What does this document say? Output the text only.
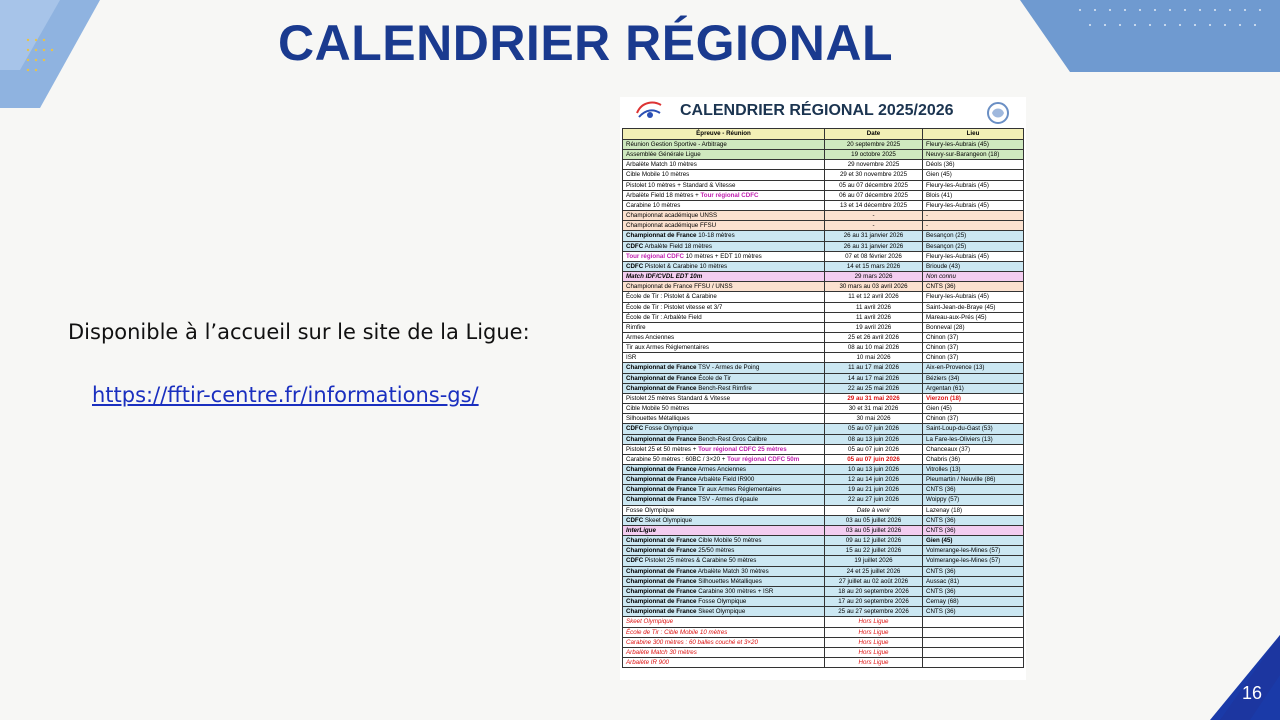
CALENDRIER RÉGIONAL
Disponible à l’accueil sur le site de la Ligue:
https://fftir-centre.fr/informations-gs/
16
CALENDRIER RÉGIONAL 2025/2026
Épreuve - Réunion	Date	Lieu
Réunion Gestion Sportive - Arbitrage	20 septembre 2025	Fleury-les-Aubrais (45)
Assemblée Générale Ligue	19 octobre 2025	Neuvy-sur-Barangeon (18)
Arbalète Match 10 mètres	29 novembre 2025	Déols (36)
Cible Mobile 10 mètres	29 et 30 novembre 2025	Gien (45)
Pistolet 10 mètres + Standard & Vitesse	05 au 07 décembre 2025	Fleury-les-Aubrais (45)
Arbalète Field 18 mètres + Tour régional CDFC	06 au 07 décembre 2025	Blois (41)
Carabine 10 mètres	13 et 14 décembre 2025	Fleury-les-Aubrais (45)
Championnat académique UNSS	-	-
Championnat académique FFSU	-	-
Championnat de France 10-18 mètres	26 au 31 janvier 2026	Besançon (25)
CDFC Arbalète Field 18 mètres	26 au 31 janvier 2026	Besançon (25)
Tour régional CDFC 10 mètres + EDT 10 mètres	07 et 08 février 2026	Fleury-les-Aubrais (45)
CDFC Pistolet & Carabine 10 mètres	14 et 15 mars 2026	Brioude (43)
Match IDF/CVDL EDT 10m	29 mars 2026	Non connu
Championnat de France FFSU / UNSS	30 mars au 03 avril 2026	CNTS (36)
École de Tir : Pistolet & Carabine	11 et 12 avril 2026	Fleury-les-Aubrais (45)
École de Tir : Pistolet vitesse et 3/7	11 avril 2026	Saint-Jean-de-Braye (45)
École de Tir : Arbalète Field	11 avril 2026	Mareau-aux-Prés (45)
Rimfire	19 avril 2026	Bonneval (28)
Armes Anciennes	25 et 26 avril 2026	Chinon (37)
Tir aux Armes Réglementaires	08 au 10 mai 2026	Chinon (37)
ISR	10 mai 2026	Chinon (37)
Championnat de France TSV - Armes de Poing	11 au 17 mai 2026	Aix-en-Provence (13)
Championnat de France École de Tir	14 au 17 mai 2026	Béziers (34)
Championnat de France Bench-Rest Rimfire	22 au 25 mai 2026	Argentan (61)
Pistolet 25 mètres Standard & Vitesse	29 au 31 mai 2026	Vierzon (18)
Cible Mobile 50 mètres	30 et 31 mai 2026	Gien (45)
Silhouettes Métalliques	30 mai 2026	Chinon (37)
CDFC Fosse Olympique	05 au 07 juin 2026	Saint-Loup-du-Gast (53)
Championnat de France Bench-Rest Gros Calibre	08 au 13 juin 2026	La Fare-les-Oliviers (13)
Pistolet 25 et 50 mètres + Tour régional CDFC 25 mètres	05 au 07 juin 2026	Chanceaux (37)
Carabine 50 mètres : 60BC / 3×20 + Tour régional CDFC 50m	05 au 07 juin 2026	Chabris (36)
Championnat de France Armes Anciennes	10 au 13 juin 2026	Vitrolles (13)
Championnat de France Arbalète Field IR900	12 au 14 juin 2026	Pleumartin / Neuville (86)
Championnat de France Tir aux Armes Réglementaires	19 au 21 juin 2026	CNTS (36)
Championnat de France TSV - Armes d'épaule	22 au 27 juin 2026	Woippy (57)
Fosse Olympique	Date à venir	Lazenay (18)
CDFC Skeet Olympique	03 au 05 juillet 2026	CNTS (36)
InterLigue	03 au 05 juillet 2026	CNTS (36)
Championnat de France Cible Mobile 50 mètres	09 au 12 juillet 2026	Gien (45)
Championnat de France 25/50 mètres	15 au 22 juillet 2026	Volmerange-les-Mines (57)
CDFC Pistolet 25 mètres & Carabine 50 mètres	19 juillet 2026	Volmerange-les-Mines (57)
Championnat de France Arbalète Match 30 mètres	24 et 25 juillet 2026	CNTS (36)
Championnat de France Silhouettes Métalliques	27 juillet au 02 août 2026	Aussac (81)
Championnat de France Carabine 300 mètres + ISR	18 au 20 septembre 2026	CNTS (36)
Championnat de France Fosse Olympique	17 au 20 septembre 2026	Cernay (68)
Championnat de France Skeet Olympique	25 au 27 septembre 2026	CNTS (36)
Skeet Olympique	Hors Ligue	
École de Tir : Cible Mobile 10 mètres	Hors Ligue	
Carabine 300 mètres : 60 balles couché et 3×20	Hors Ligue	
Arbalète Match 30 mètres	Hors Ligue	
Arbalète IR 900	Hors Ligue	
